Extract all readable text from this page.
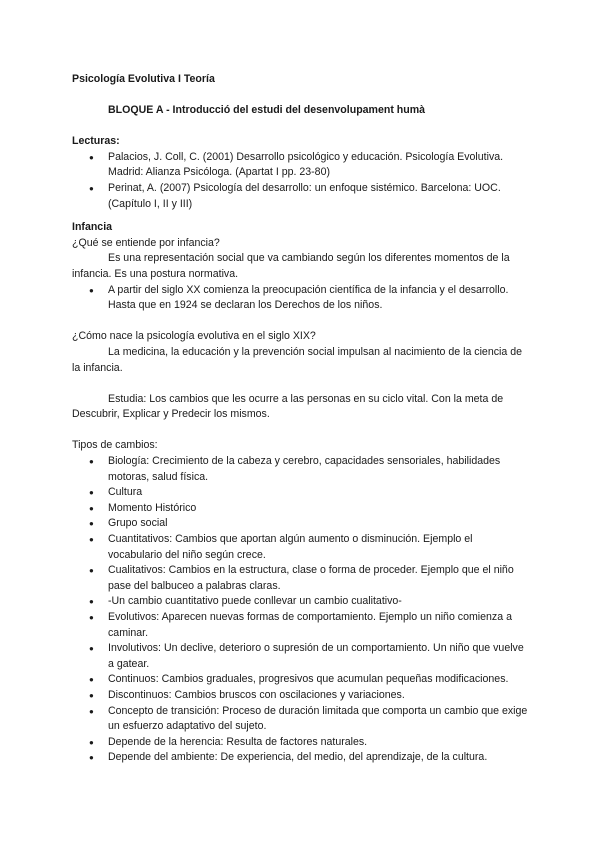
Psicología Evolutiva I Teoría

BLOQUE A - Introducció del estudi del desenvolupament humà

Lecturas:

● Palacios, J. Coll, C. (2001) Desarrollo psicológico y educación. Psicología Evolutiva. Madrid: Alianza Psicóloga. (Apartat I pp. 23-80)
● Perinat, A. (2007) Psicología del desarrollo: un enfoque sistémico. Barcelona: UOC. (Capítulo I, II y III)

Infancia

¿Qué se entiende por infancia?

Es una representación social que va cambiando según los diferentes momentos de la infancia. Es una postura normativa.

● A partir del siglo XX comienza la preocupación científica de la infancia y el desarrollo. Hasta que en 1924 se declaran los Derechos de los niños.

¿Cómo nace la psicología evolutiva en el siglo XIX?

La medicina, la educación y la prevención social impulsan al nacimiento de la ciencia de la infancia.

Estudia: Los cambios que les ocurre a las personas en su ciclo vital. Con la meta de Descubrir, Explicar y Predecir los mismos.

Tipos de cambios:

● Biología: Crecimiento de la cabeza y cerebro, capacidades sensoriales, habilidades motoras, salud física.
● Cultura
● Momento Histórico
● Grupo social
● Cuantitativos: Cambios que aportan algún aumento o disminución. Ejemplo el vocabulario del niño según crece.
● Cualitativos: Cambios en la estructura, clase o forma de proceder. Ejemplo que el niño pase del balbuceo a palabras claras.
● -Un cambio cuantitativo puede conllevar un cambio cualitativo-
● Evolutivos: Aparecen nuevas formas de comportamiento. Ejemplo un niño comienza a caminar.
● Involutivos: Un declive, deterioro o supresión de un comportamiento. Un niño que vuelve a gatear.
● Continuos: Cambios graduales, progresivos que acumulan pequeñas modificaciones.
● Discontinuos: Cambios bruscos con oscilaciones y variaciones.
● Concepto de transición: Proceso de duración limitada que comporta un cambio que exige un esfuerzo adaptativo del sujeto.
● Depende de la herencia: Resulta de factores naturales.
● Depende del ambiente: De experiencia, del medio, del aprendizaje, de la cultura.
